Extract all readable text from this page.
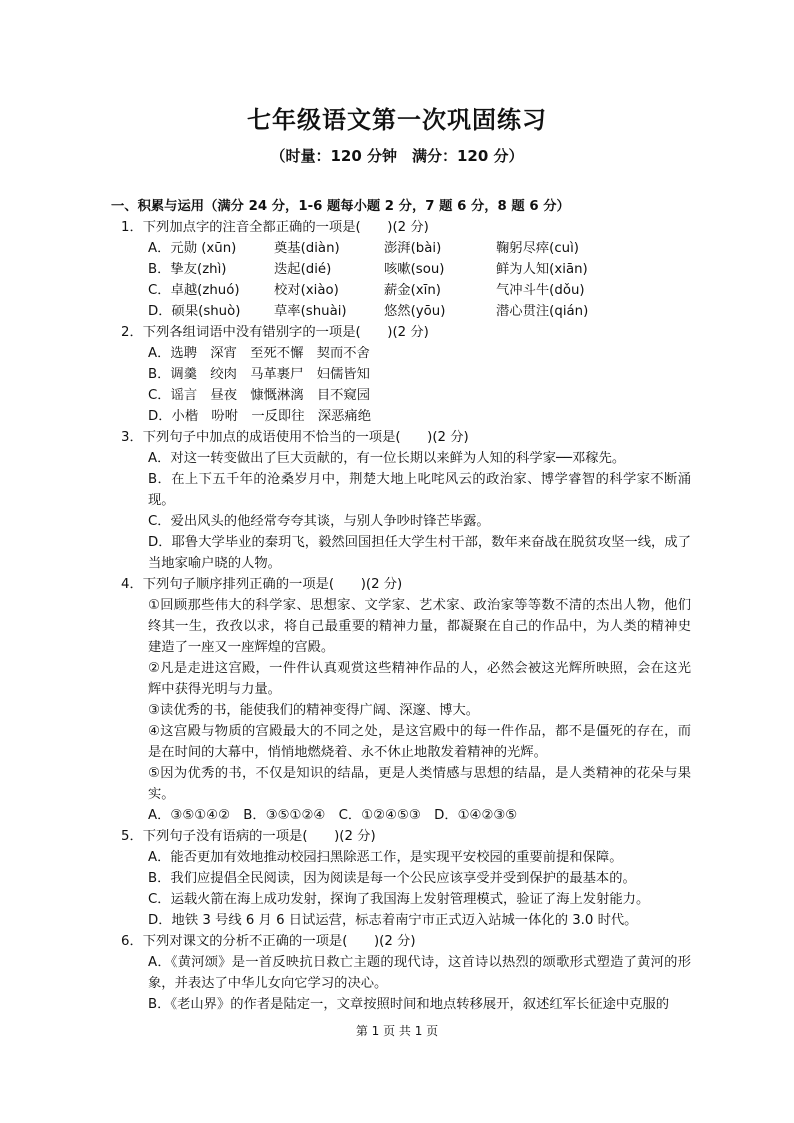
七年级语文第一次巩固练习
（时量：120 分钟　满分：120 分）
一、积累与运用（满分 24 分，1-6 题每小题 2 分，7 题 6 分，8 题 6 分）
1．下列加点字的注音全都正确的一项是(　　)(2 分)
A．元勋 (xūn)	奠基(diàn)	澎湃(bài)	鞠躬尽瘁(cuì)
B．挚友(zhì)	迭起(dié)	咳嗽(sou)	鲜为人知(xiān)
C．卓越(zhuó)	校对(xiào)	薪金(xīn)	气冲斗牛(dǒu)
D．硕果(shuò)	草率(shuài)	悠然(yōu)	潜心贯注(qián)
2．下列各组词语中没有错别字的一项是(　　)(2 分)
A．选聘　深宵　至死不懈　契而不舍
B．调羹　绞肉　马革裹尸　妇儒皆知
C．谣言　昼夜　慷慨淋漓　目不窥园
D．小楷　吩咐　一反即往　深恶痛绝
3．下列句子中加点的成语使用不恰当的一项是(　　)(2 分)
A．对这一转变做出了巨大贡献的，有一位长期以来鲜为人知的科学家──邓稼先。
B．在上下五千年的沧桑岁月中，荆楚大地上叱咤风云的政治家、博学睿智的科学家不断涌现。
C．爱出风头的他经常夸夸其谈，与别人争吵时锋芒毕露。
D．耶鲁大学毕业的秦玥飞，毅然回国担任大学生村干部，数年来奋战在脱贫攻坚一线，成了当地家喻户晓的人物。
4．下列句子顺序排列正确的一项是(　　)(2 分)
①回顾那些伟大的科学家、思想家、文学家、艺术家、政治家等等数不清的杰出人物，他们终其一生，孜孜以求，将自己最重要的精神力量，都凝聚在自己的作品中，为人类的精神史建造了一座又一座辉煌的宫殿。
②凡是走进这宫殿，一件件认真观赏这些精神作品的人，必然会被这光辉所映照，会在这光辉中获得光明与力量。
③读优秀的书，能使我们的精神变得广阔、深邃、博大。
④这宫殿与物质的宫殿最大的不同之处，是这宫殿中的每一件作品，都不是僵死的存在，而是在时间的大幕中，悄悄地燃烧着、永不休止地散发着精神的光辉。
⑤因为优秀的书，不仅是知识的结晶，更是人类情感与思想的结晶，是人类精神的花朵与果实。
A．③⑤①④②　B．③⑤①②④　C．①②④⑤③　D．①④②③⑤
5．下列句子没有语病的一项是(　　)(2 分)
A．能否更加有效地推动校园扫黑除恶工作，是实现平安校园的重要前提和保障。
B．我们应提倡全民阅读，因为阅读是每一个公民应该享受并受到保护的最基本的。
C．运载火箭在海上成功发射，探询了我国海上发射管理模式，验证了海上发射能力。
D．地铁 3 号线 6 月 6 日试运营，标志着南宁市正式迈入站城一体化的 3.0 时代。
6．下列对课文的分析不正确的一项是(　　)(2 分)
A．《黄河颂》是一首反映抗日救亡主题的现代诗，这首诗以热烈的颂歌形式塑造了黄河的形象，并表达了中华儿女向它学习的决心。
B．《老山界》的作者是陆定一，文章按照时间和地点转移展开，叙述红军长征途中克服的
第 1 页 共 1 页
